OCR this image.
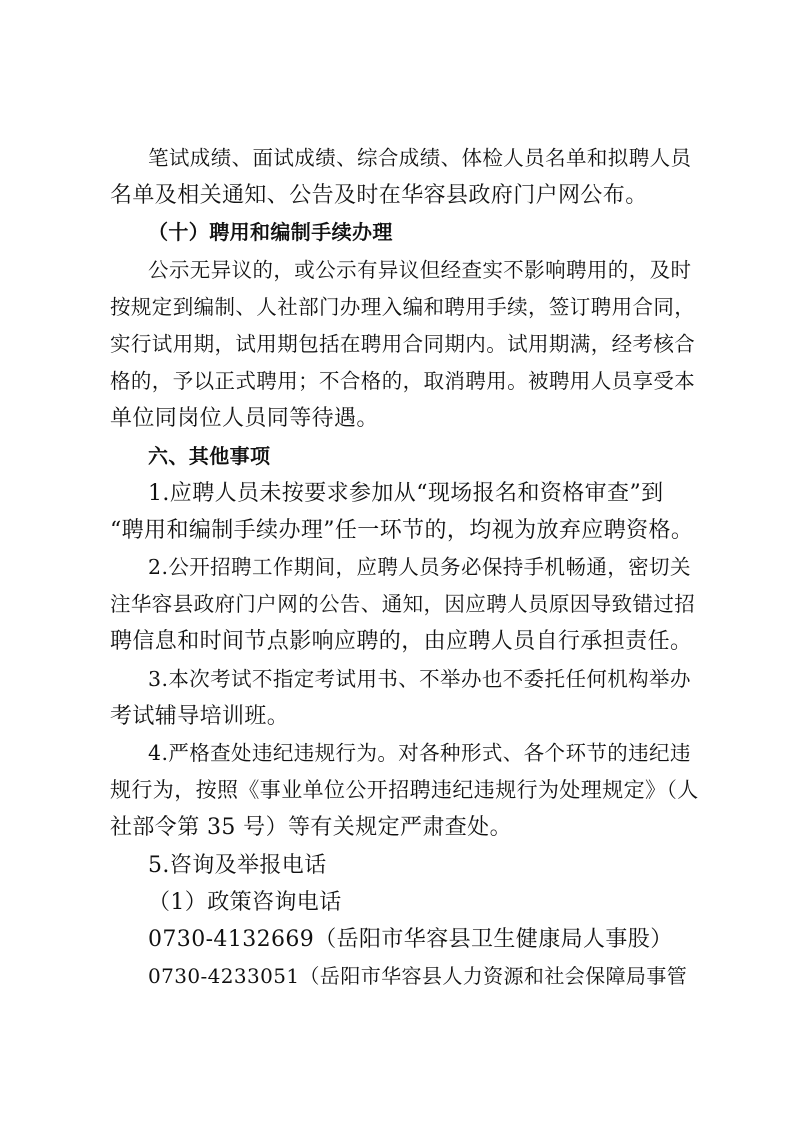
笔试成绩、面试成绩、综合成绩、体检人员名单和拟聘人员
名单及相关通知、公告及时在华容县政府门户网公布。
（十）聘用和编制手续办理
公示无异议的，或公示有异议但经查实不影响聘用的，及时
按规定到编制、人社部门办理入编和聘用手续，签订聘用合同，
实行试用期，试用期包括在聘用合同期内。试用期满，经考核合
格的，予以正式聘用；不合格的，取消聘用。被聘用人员享受本
单位同岗位人员同等待遇。
六、其他事项
1.应聘人员未按要求参加从“现场报名和资格审查”到
“聘用和编制手续办理”任一环节的，均视为放弃应聘资格。
2.公开招聘工作期间，应聘人员务必保持手机畅通，密切关
注华容县政府门户网的公告、通知，因应聘人员原因导致错过招
聘信息和时间节点影响应聘的，由应聘人员自行承担责任。
3.本次考试不指定考试用书、不举办也不委托任何机构举办
考试辅导培训班。
4.严格查处违纪违规行为。对各种形式、各个环节的违纪违
规行为，按照《事业单位公开招聘违纪违规行为处理规定》（人
社部令第 35 号）等有关规定严肃查处。
5.咨询及举报电话
（1）政策咨询电话
0730-4132669（岳阳市华容县卫生健康局人事股）
0730-4233051（岳阳市华容县人力资源和社会保障局事管
